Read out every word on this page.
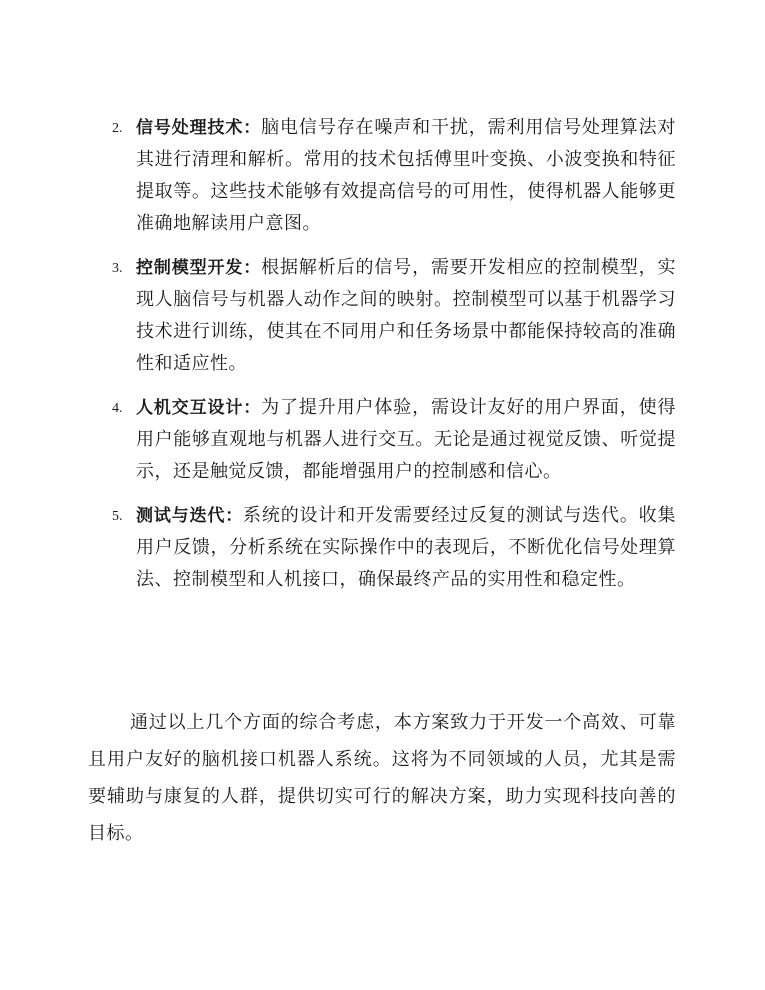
2. 信号处理技术：脑电信号存在噪声和干扰，需利用信号处理算法对其进行清理和解析。常用的技术包括傅里叶变换、小波变换和特征提取等。这些技术能够有效提高信号的可用性，使得机器人能够更准确地解读用户意图。
3. 控制模型开发：根据解析后的信号，需要开发相应的控制模型，实现人脑信号与机器人动作之间的映射。控制模型可以基于机器学习技术进行训练，使其在不同用户和任务场景中都能保持较高的准确性和适应性。
4. 人机交互设计：为了提升用户体验，需设计友好的用户界面，使得用户能够直观地与机器人进行交互。无论是通过视觉反馈、听觉提示，还是触觉反馈，都能增强用户的控制感和信心。
5. 测试与迭代：系统的设计和开发需要经过反复的测试与迭代。收集用户反馈，分析系统在实际操作中的表现后，不断优化信号处理算法、控制模型和人机接口，确保最终产品的实用性和稳定性。

通过以上几个方面的综合考虑，本方案致力于开发一个高效、可靠且用户友好的脑机接口机器人系统。这将为不同领域的人员，尤其是需要辅助与康复的人群，提供切实可行的解决方案，助力实现科技向善的目标。
